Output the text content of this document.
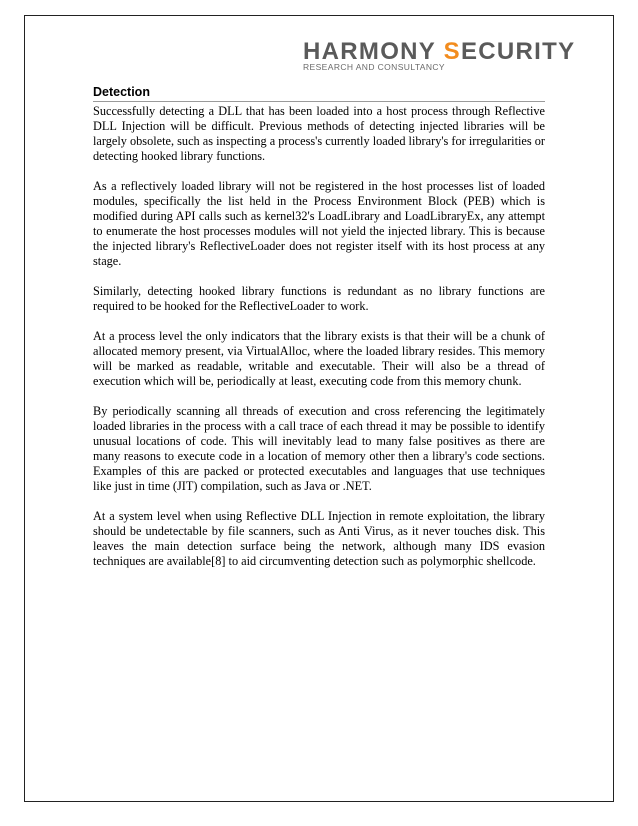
HARMONY SECURITY
RESEARCH AND CONSULTANCY
Detection

Successfully detecting a DLL that has been loaded into a host process through Reflective DLL Injection will be difficult. Previous methods of detecting injected libraries will be largely obsolete, such as inspecting a process's currently loaded library's for irregularities or detecting hooked library functions.

As a reflectively loaded library will not be registered in the host processes list of loaded modules, specifically the list held in the Process Environment Block (PEB) which is modified during API calls such as kernel32's LoadLibrary and LoadLibraryEx, any attempt to enumerate the host processes modules will not yield the injected library. This is because the injected library's ReflectiveLoader does not register itself with its host process at any stage.

Similarly, detecting hooked library functions is redundant as no library functions are required to be hooked for the ReflectiveLoader to work.

At a process level the only indicators that the library exists is that their will be a chunk of allocated memory present, via VirtualAlloc, where the loaded library resides. This memory will be marked as readable, writable and executable. Their will also be a thread of execution which will be, periodically at least, executing code from this memory chunk.

By periodically scanning all threads of execution and cross referencing the legitimately loaded libraries in the process with a call trace of each thread it may be possible to identify unusual locations of code. This will inevitably lead to many false positives as there are many reasons to execute code in a location of memory other then a library's code sections. Examples of this are packed or protected executables and languages that use techniques like just in time (JIT) compilation, such as Java or .NET.

At a system level when using Reflective DLL Injection in remote exploitation, the library should be undetectable by file scanners, such as Anti Virus, as it never touches disk. This leaves the main detection surface being the network, although many IDS evasion techniques are available[8] to aid circumventing detection such as polymorphic shellcode.
